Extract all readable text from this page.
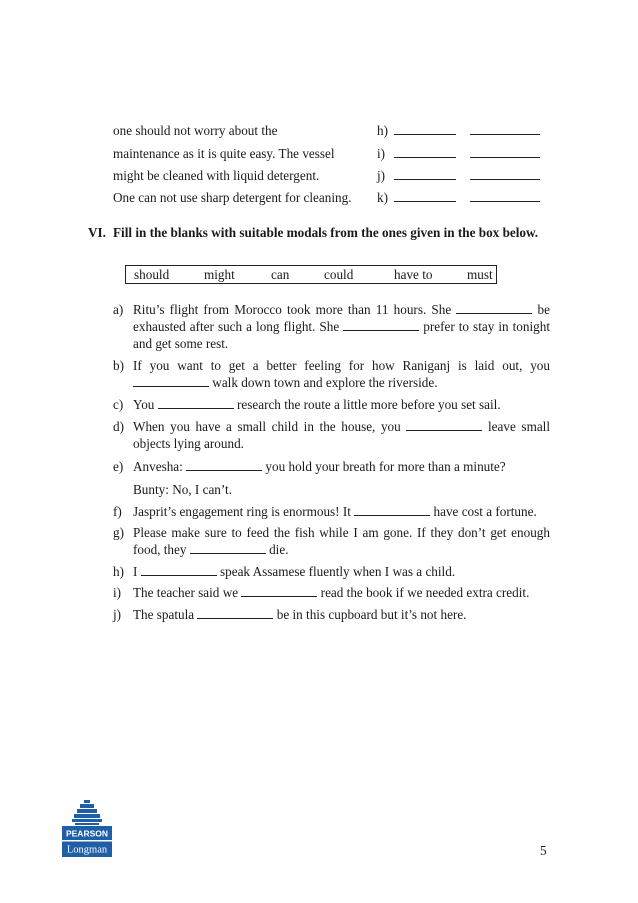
one should not worry about the
maintenance as it is quite easy. The vessel
might be cleaned with liquid detergent.
One can not use sharp detergent for cleaning.
h)
i)
j)
k)
VI. Fill in the blanks with suitable modals from the ones given in the box below.
should	might	can	could	have to	must
a) Ritu’s flight from Morocco took more than 11 hours. She	be exhausted after such a long flight. She	prefer to stay in tonight and get some rest.
b) If you want to get a better feeling for how Raniganj is laid out, you  walk down town and explore the riverside.
c) You	research the route a little more before you set sail.
d) When you have a small child in the house, you	leave small objects lying around.
e) Anvesha:	you hold your breath for more than a minute?
Bunty: No, I can’t.
f) Jasprit’s engagement ring is enormous! It	have cost a fortune.
g) Please make sure to feed the fish while I am gone. If they don’t get enough food, they	die.
h) I	speak Assamese fluently when I was a child.
i) The teacher said we	read the book if we needed extra credit.
j) The spatula	be in this cupboard but it’s not here.
PEARSON
Longman	5
